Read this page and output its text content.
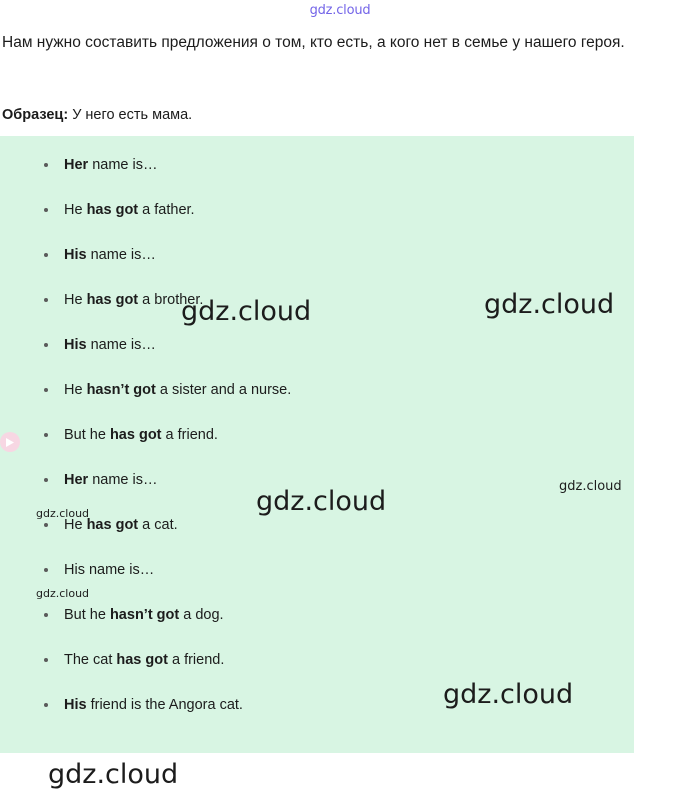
gdz.cloud
Нам нужно составить предложения о том, кто есть, а кого нет в семье у нашего героя.
Образец: У него есть мама.
Her name is…
He has got a father.
His name is…
He has got a brother.
His name is…
He hasn’t got a sister and a nurse.
But he has got a friend.
Her name is…
He has got a cat.
His name is…
But he hasn’t got a dog.
The cat has got a friend.
His friend is the Angora cat.
gdz.cloud	gdz.cloud
gdz.cloud
gdz.cloud
gdz.cloud
gdz.cloud
gdz.cloud
gdz.cloud
